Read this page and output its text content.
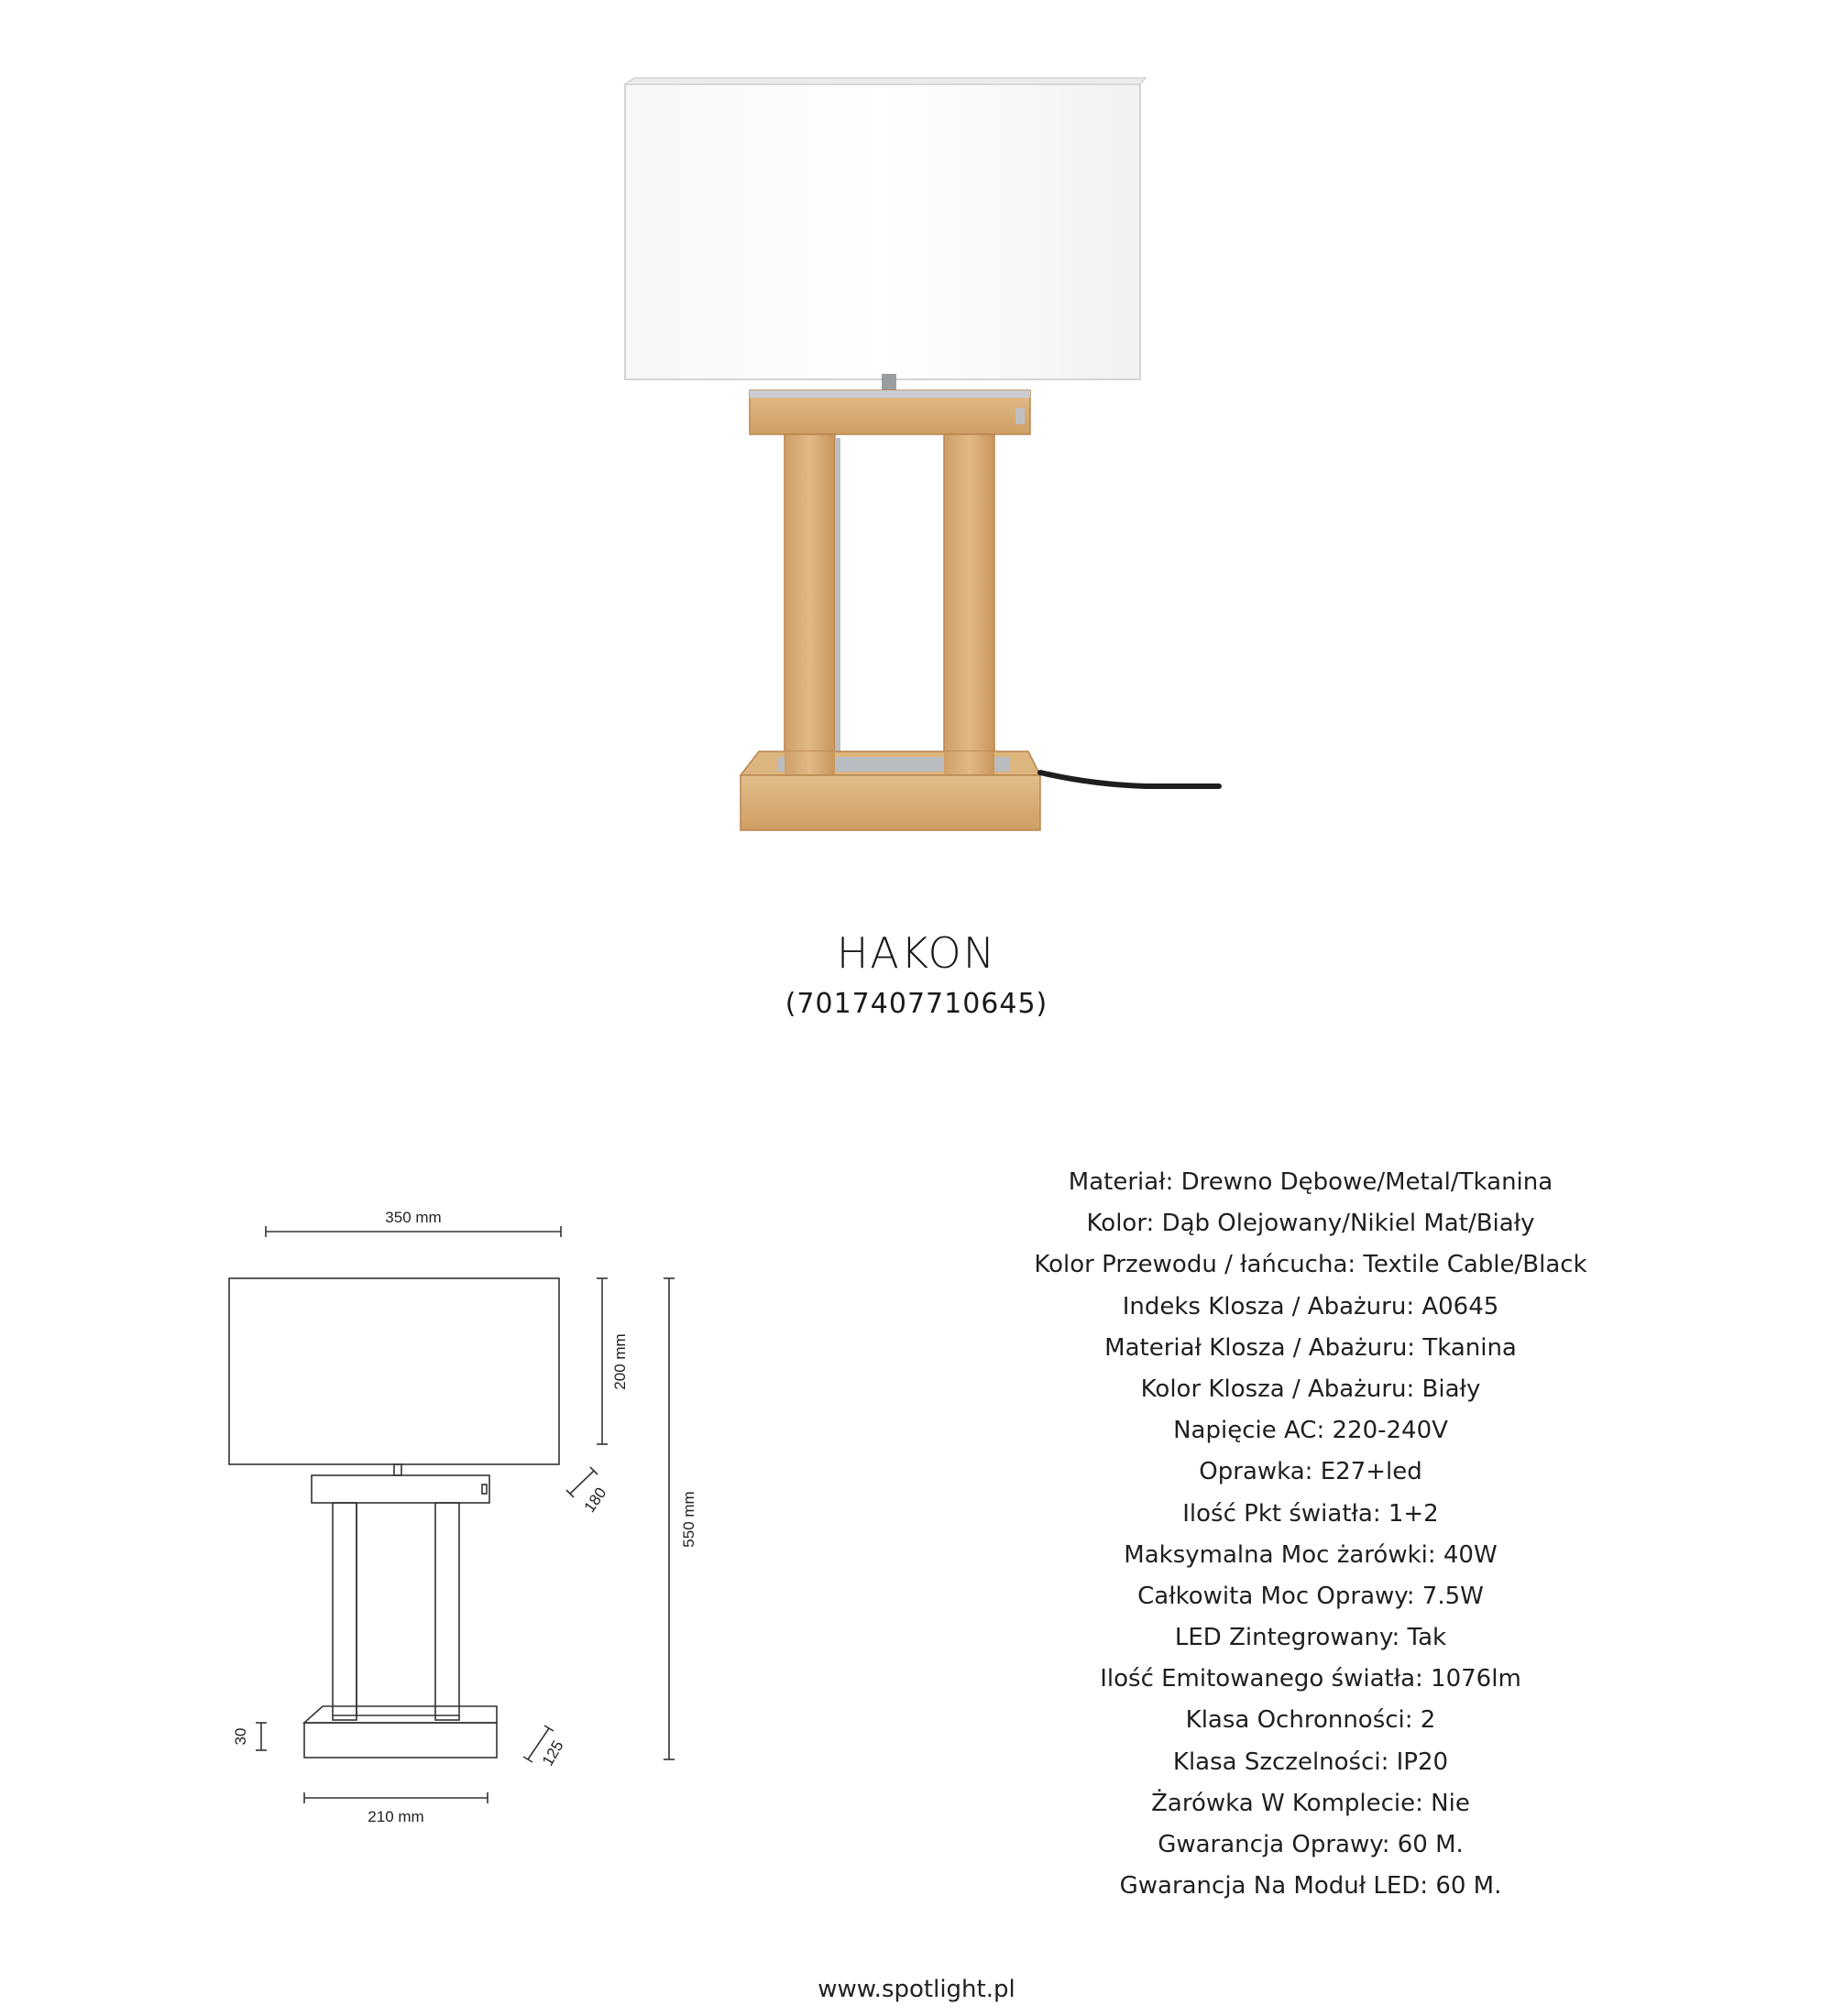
HAKON
(7017407710645)
350 mm
200 mm
550 mm
180
125
210 mm
30
Materiał: Drewno Dębowe/Metal/Tkanina
Kolor: Dąb Olejowany/Nikiel Mat/Biały
Kolor Przewodu / łańcucha: Textile Cable/Black
Indeks Klosza / Abażuru: A0645
Materiał Klosza / Abażuru: Tkanina
Kolor Klosza / Abażuru: Biały
Napięcie AC: 220-240V
Oprawka: E27+led
Ilość Pkt światła: 1+2
Maksymalna Moc żarówki: 40W
Całkowita Moc Oprawy: 7.5W
LED Zintegrowany: Tak
Ilość Emitowanego światła: 1076lm
Klasa Ochronności: 2
Klasa Szczelności: IP20
Żarówka W Komplecie: Nie
Gwarancja Oprawy: 60 M.
Gwarancja Na Moduł LED: 60 M.
www.spotlight.pl
